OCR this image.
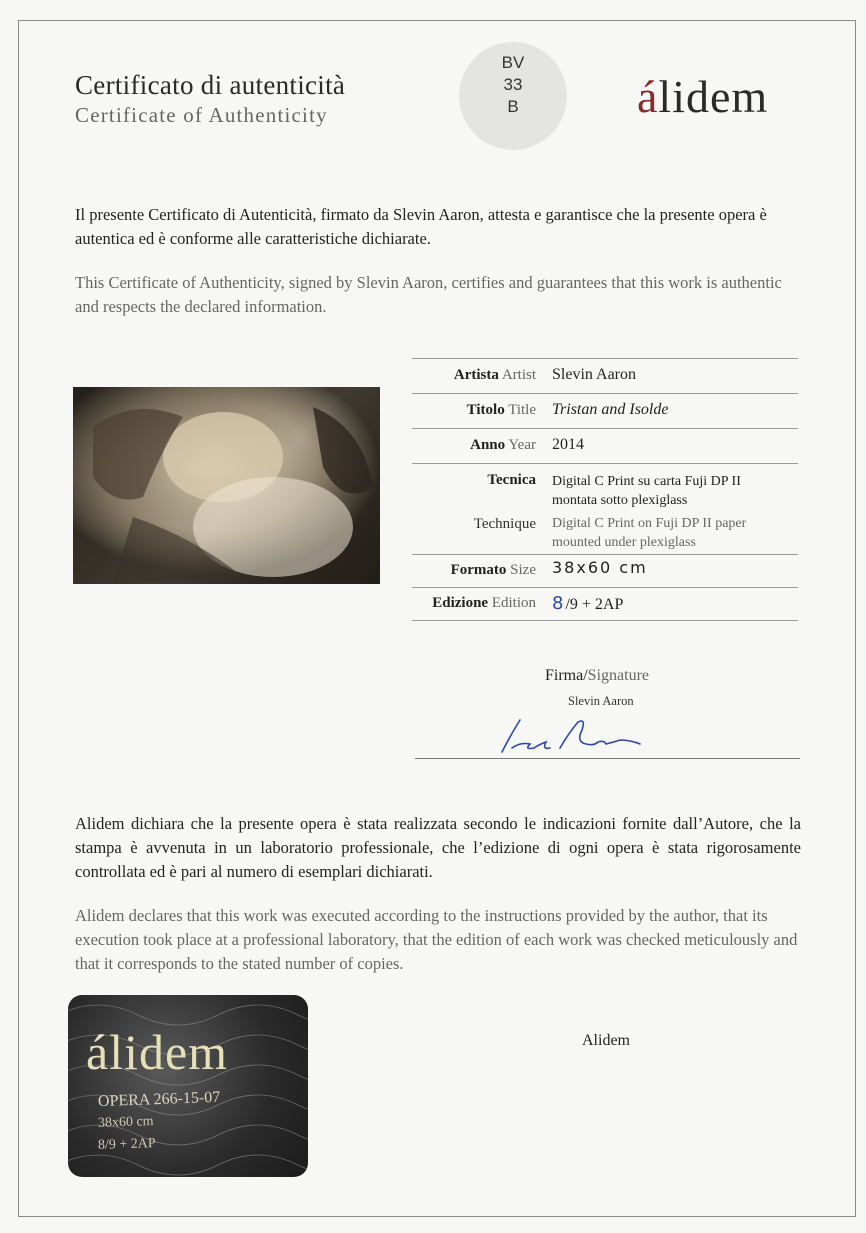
Certificato di autenticità
Certificate of Authenticity
BV
33
B	álidem
Il presente Certificato di Autenticità, firmato da Slevin Aaron, attesta e garantisce che la presente opera è autentica ed è conforme alle caratteristiche dichiarate.
This Certificate of Authenticity, signed by Slevin Aaron, certifies and guarantees that this work is authentic and respects the declared information.
Artista Artist Slevin Aaron
Titolo Title Tristan and Isolde
Anno Year 2014
Tecnica
Technique
Digital C Print su carta Fuji DP II
montata sotto plexiglass
Digital C Print on Fuji DP II paper
mounted under plexiglass
Formato Size 38x60 cm
Edizione Edition 8/9 + 2AP
Firma/Signature
Slevin Aaron
Alidem dichiara che la presente opera è stata realizzata secondo le indicazioni fornite dall’Autore, che la stampa è avvenuta in un laboratorio professionale, che l’edizione di ogni opera è stata rigorosamente controllata ed è pari al numero di esemplari dichiarati.
Alidem declares that this work was executed according to the instructions provided by the author, that its execution took place at a professional laboratory, that the edition of each work was checked meticulously and that it corresponds to the stated number of copies.
álidem
OPERA 266-15-07
38x60 cm
8/9 + 2AP
Alidem
